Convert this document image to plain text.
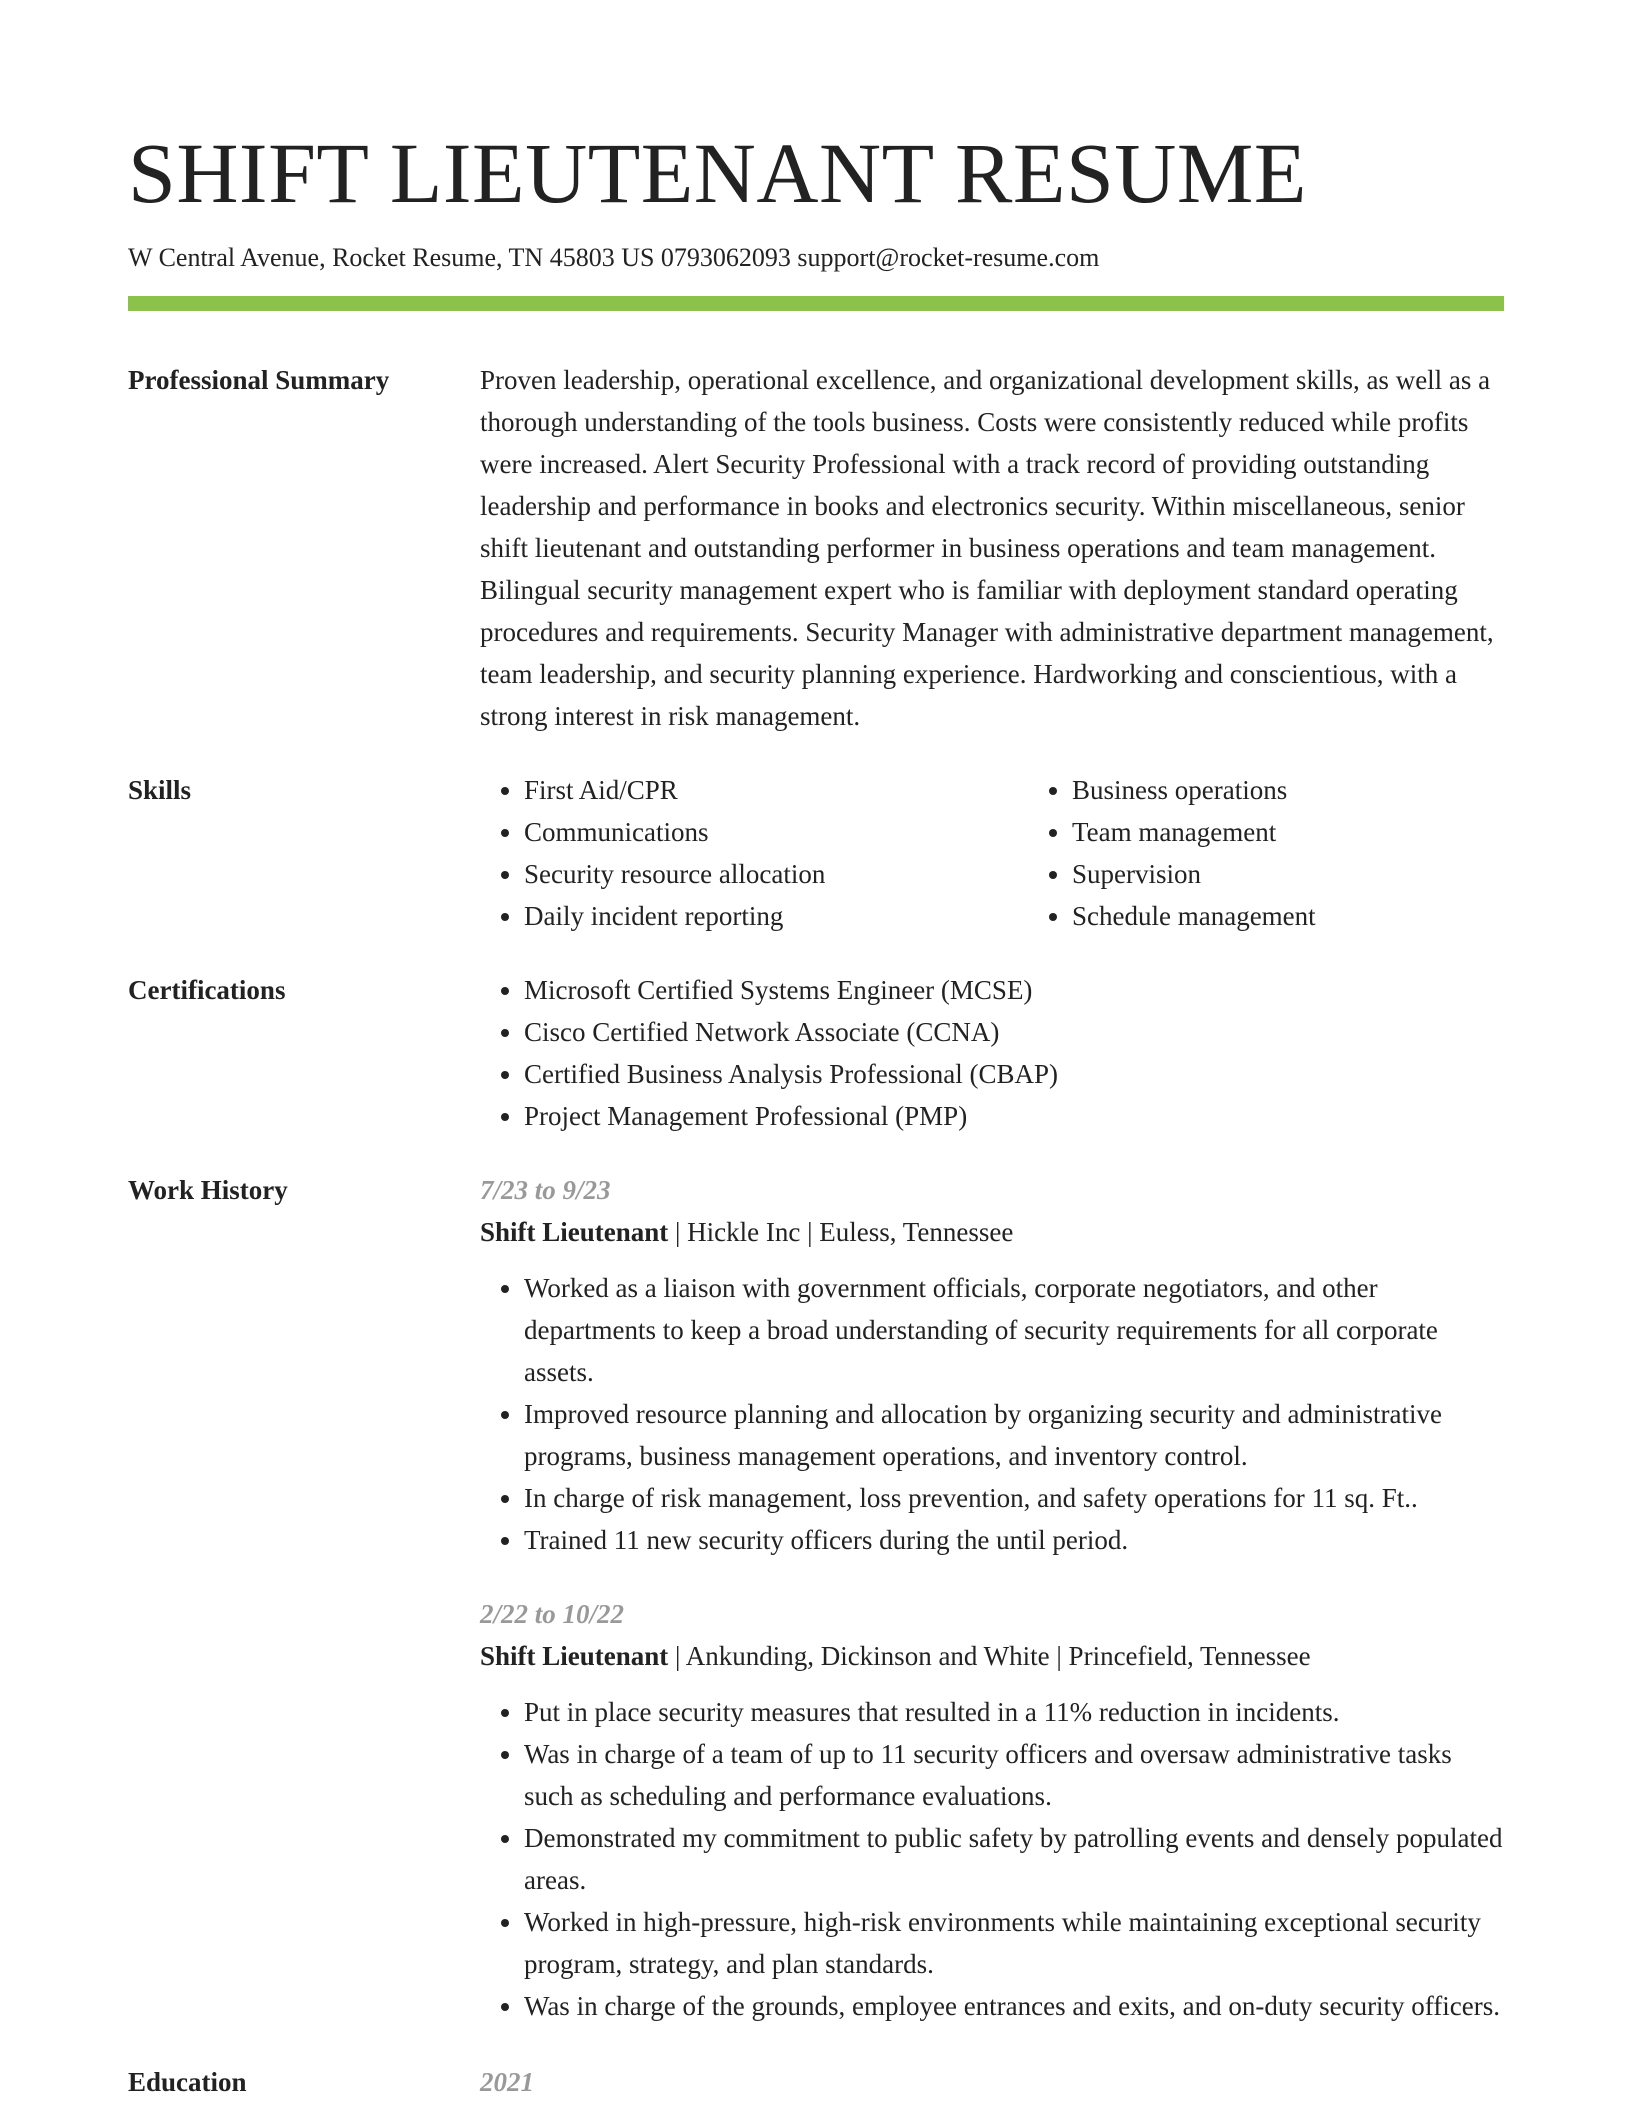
SHIFT LIEUTENANT RESUME
W Central Avenue, Rocket Resume, TN 45803 US 0793062093 support@rocket-resume.com
Professional Summary	Proven leadership, operational excellence, and organizational development skills, as well as a thorough understanding of the tools business. Costs were consistently reduced while profits were increased. Alert Security Professional with a track record of providing outstanding leadership and performance in books and electronics security. Within miscellaneous, senior shift lieutenant and outstanding performer in business operations and team management. Bilingual security management expert who is familiar with deployment standard operating procedures and requirements. Security Manager with administrative department management, team leadership, and security planning experience. Hardworking and conscientious, with a strong interest in risk management.

Skills	• First Aid/CPR
• Communications
• Security resource allocation
• Daily incident reporting
• Business operations
• Team management
• Supervision
• Schedule management
Certifications	• Microsoft Certified Systems Engineer (MCSE)
• Cisco Certified Network Associate (CCNA)
• Certified Business Analysis Professional (CBAP)
• Project Management Professional (PMP)
Work History	7/23 to 9/23
Shift Lieutenant | Hickle Inc | Euless, Tennessee
• Worked as a liaison with government officials, corporate negotiators, and other departments to keep a broad understanding of security requirements for all corporate assets.
• Improved resource planning and allocation by organizing security and administrative programs, business management operations, and inventory control.
• In charge of risk management, loss prevention, and safety operations for 11 sq. Ft..
• Trained 11 new security officers during the until period.
2/22 to 10/22
Shift Lieutenant | Ankunding, Dickinson and White | Princefield, Tennessee
• Put in place security measures that resulted in a 11% reduction in incidents.
• Was in charge of a team of up to 11 security officers and oversaw administrative tasks such as scheduling and performance evaluations.
• Demonstrated my commitment to public safety by patrolling events and densely populated areas.
• Worked in high-pressure, high-risk environments while maintaining exceptional security program, strategy, and plan standards.
• Was in charge of the grounds, employee entrances and exits, and on-duty security officers.
Education	2021
